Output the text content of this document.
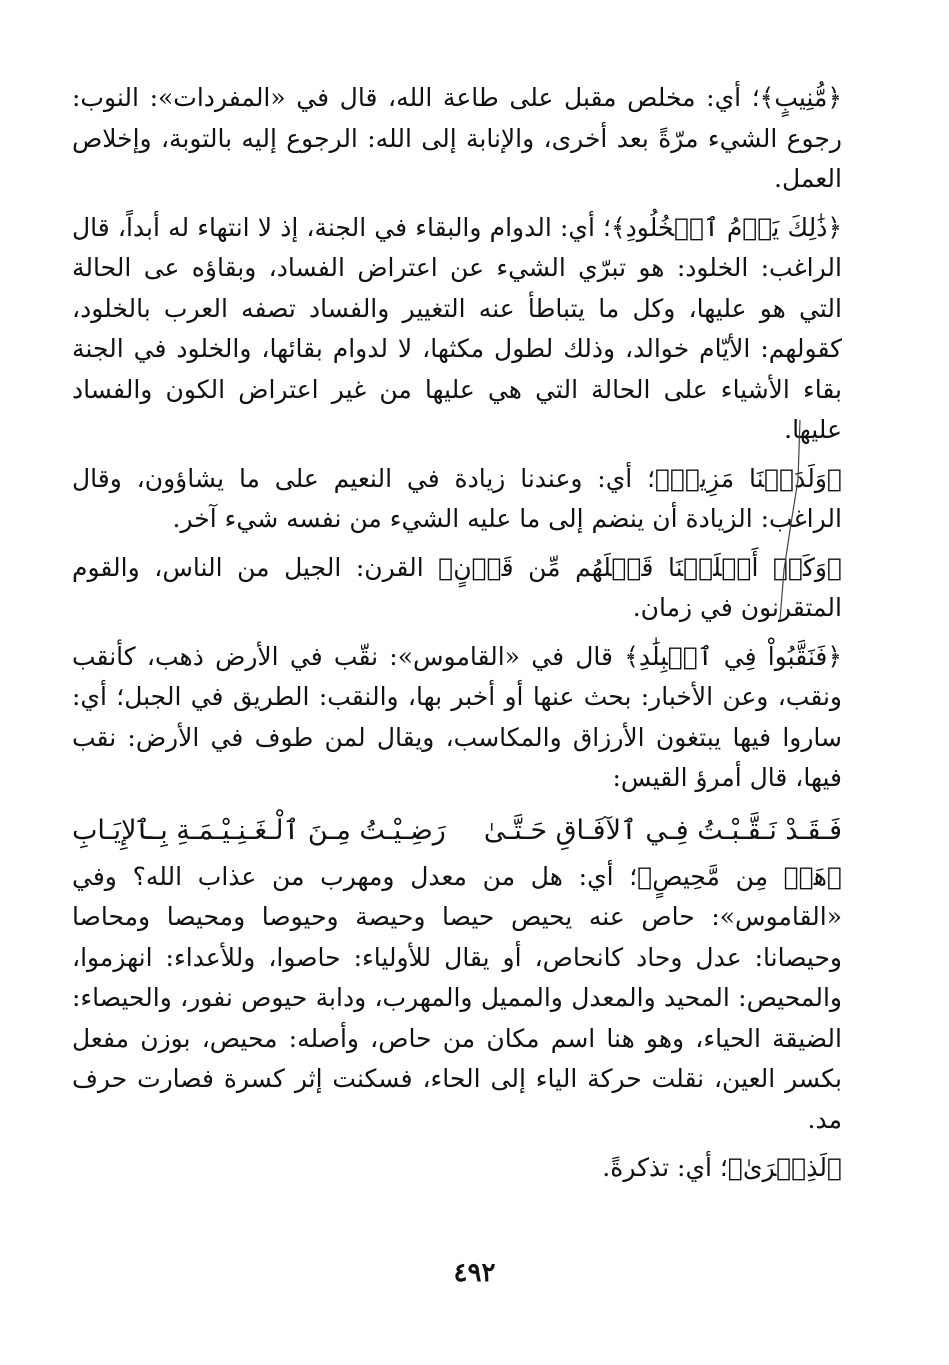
﴿مُّنِيبٍ﴾؛ أي: مخلص مقبل على طاعة الله، قال في «المفردات»: النوب: رجوع الشيء مرّةً بعد أخرى، والإنابة إلى الله: الرجوع إليه بالتوبة، وإخلاص العمل.

﴿ذَٰلِكَ يَوۡمُ ٱلۡخُلُودِ﴾؛ أي: الدوام والبقاء في الجنة، إذ لا انتهاء له أبداً، قال الراغب: الخلود: هو تبرّي الشيء عن اعتراض الفساد، وبقاؤه عى الحالة التي هو عليها، وكل ما يتباطأ عنه التغيير والفساد تصفه العرب بالخلود، كقولهم: الأيّام خوالد، وذلك لطول مكثها، لا لدوام بقائها، والخلود في الجنة بقاء الأشياء على الحالة التي هي عليها من غير اعتراض الكون والفساد عليها.

﴿وَلَدَيۡنَا مَزِيدٞ﴾؛ أي: وعندنا زيادة في النعيم على ما يشاؤون، وقال الراغب: الزيادة أن ينضم إلى ما عليه الشيء من نفسه شيء آخر.

﴿وَكَمۡ أَهۡلَكۡنَا قَبۡلَهُم مِّن قَرۡنٍ﴾ القرن: الجيل من الناس، والقوم المتقرنون في زمان.

﴿فَنَقَّبُواْ فِي ٱلۡبِلَٰدِ﴾ قال في «القاموس»: نقّب في الأرض ذهب، كأنقب ونقب، وعن الأخبار: بحث عنها أو أخبر بها، والنقب: الطريق في الجبل؛ أي: ساروا فيها يبتغون الأرزاق والمكاسب، ويقال لمن طوف في الأرض: نقب فيها، قال أمرؤ القيس:

فَـقَـدْ نَـقَّـبْـتُ فِـي ٱلآفَـاقِ حَـتَّـىٰ
رَضِـيْـتُ مِـنَ ٱلْـغَـنِـيْـمَـةِ بِـٱلإِيَـابِ

﴿هَلۡ مِن مَّحِيصٍ﴾؛ أي: هل من معدل ومهرب من عذاب الله؟ وفي «القاموس»: حاص عنه يحيص حيصا وحيصة وحيوصا ومحيصا ومحاصا وحيصانا: عدل وحاد كانحاص، أو يقال للأولياء: حاصوا، وللأعداء: انهزموا، والمحيص: المحيد والمعدل والمميل والمهرب، ودابة حيوص نفور، والحيصاء: الضيقة الحياء، وهو هنا اسم مكان من حاص، وأصله: محيص، بوزن مفعل بكسر العين، نقلت حركة الياء إلى الحاء، فسكنت إثر كسرة فصارت حرف مد.

﴿لَذِكۡرَىٰ﴾؛ أي: تذكرةً.

٤٩٢
